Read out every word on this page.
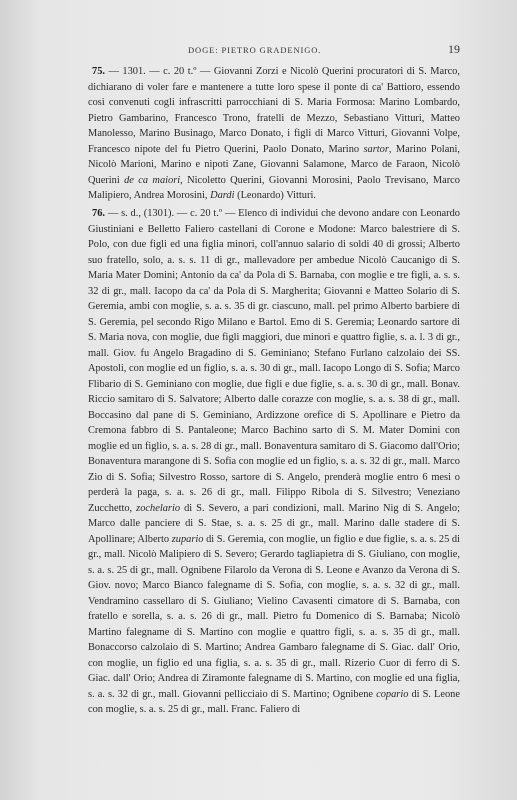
DOGE: PIETRO GRADENIGO.	19

75. — 1301. — c. 20 t.º — Giovanni Zorzi e Nicolò Querini procuratori di S. Marco, dichiarano di voler fare e mantenere a tutte loro spese il ponte di ca' Battioro, essendo così convenuti cogli infrascritti parrocchiani di S. Maria Formosa: Marino Lombardo, Pietro Gambarino, Francesco Trono, fratelli de Mezzo, Sebastiano Vitturi, Matteo Manolesso, Marino Businago, Marco Donato, i figli di Marco Vitturi, Giovanni Volpe, Francesco nipote del fu Pietro Querini, Paolo Donato, Marino sartor, Marino Polani, Nicolò Marioni, Marino e nipoti Zane, Giovanni Salamone, Marco de Faraon, Nicolò Querini de ca maiori, Nicoletto Querini, Giovanni Morosini, Paolo Trevisano, Marco Malipiero, Andrea Morosini, Dardi (Leonardo) Vitturi.

76. — s. d., (1301). — c. 20 t.º — Elenco di individui che devono andare con Leonardo Giustiniani e Belletto Faliero castellani di Corone e Modone: Marco balestriere di S. Polo, con due figli ed una figlia minori, coll'annuo salario di soldi 40 di grossi; Alberto suo fratello, solo, a. s. s. 11 di gr., mallevadore per ambedue Nicolò Caucanigo di S. Maria Mater Domini; Antonio da ca' da Pola di S. Barnaba, con moglie e tre figli, a. s. s. 32 di gr., mall. Iacopo da ca' da Pola di S. Margherita; Giovanni e Matteo Solario di S. Geremia, ambi con moglie, s. a. s. 35 di gr. ciascuno, mall. pel primo Alberto barbiere di S. Geremia, pel secondo Rigo Milano e Bartol. Emo di S. Geremia; Leonardo sartore di S. Maria nova, con moglie, due figli maggiori, due minori e quattro figlie, s. a. l. 3 di gr., mall. Giov. fu Angelo Bragadino di S. Geminiano; Stefano Furlano calzolaio dei SS. Apostoli, con moglie ed un figlio, s. a. s. 30 di gr., mall. Iacopo Longo di S. Sofia; Marco Flibario di S. Geminiano con moglie, due figli e due figlie, s. a. s. 30 di gr., mall. Bonav. Riccio samitaro di S. Salvatore; Alberto dalle corazze con moglie, s. a. s. 38 di gr., mall. Boccasino dal pane di S. Geminiano, Ardizzone orefice di S. Apollinare e Pietro da Cremona fabbro di S. Pantaleone; Marco Bachino sarto di S. M. Mater Domini con moglie ed un figlio, s. a. s. 28 di gr., mall. Bonaventura samitaro di S. Giacomo dall'Orio; Bonaventura marangone di S. Sofia con moglie ed un figlio, s. a. s. 32 di gr., mall. Marco Zio di S. Sofia; Silvestro Rosso, sartore di S. Angelo, prenderà moglie entro 6 mesi o perderà la paga, s. a. s. 26 di gr., mall. Filippo Ribola di S. Silvestro; Veneziano Zucchetto, zochelario di S. Severo, a pari condizioni, mall. Marino Nig di S. Angelo; Marco dalle panciere di S. Stae, s. a. s. 25 di gr., mall. Marino dalle stadere di S. Apollinare; Alberto zupario di S. Geremia, con moglie, un figlio e due figlie, s. a. s. 25 di gr., mall. Nicolò Malipiero di S. Severo; Gerardo tagliapietra di S. Giuliano, con moglie, s. a. s. 25 di gr., mall. Ognibene Filarolo da Verona di S. Leone e Avanzo da Verona di S. Giov. novo; Marco Bianco falegname di S. Sofia, con moglie, s. a. s. 32 di gr., mall. Vendramino cassellaro di S. Giuliano; Vielino Cavasenti cimatore di S. Barnaba, con fratello e sorella, s. a. s. 26 di gr., mall. Pietro fu Domenico di S. Barnaba; Nicolò Martino falegname di S. Martino con moglie e quattro figli, s. a. s. 35 di gr., mall. Bonaccorso calzolaio di S. Martino; Andrea Gambaro falegname di S. Giac. dall' Orio, con moglie, un figlio ed una figlia, s. a. s. 35 di gr., mall. Rizerio Cuor di ferro di S. Giac. dall' Orio; Andrea di Ziramonte falegname di S. Martino, con moglie ed una figlia, s. a. s. 32 di gr., mall. Giovanni pellicciaio di S. Martino; Ognibene copario di S. Leone con moglie, s. a. s. 25 di gr., mall. Franc. Faliero di
